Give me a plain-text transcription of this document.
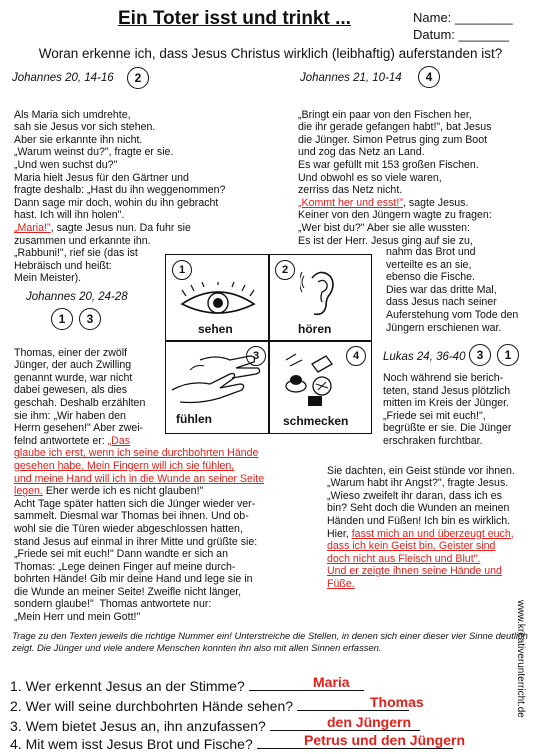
Ein Toter isst und trinkt ...	Name: ________
Datum: _______
Woran erkenne ich, dass Jesus Christus wirklich (leibhaftig) auferstanden ist?
Johannes 20, 14-16	2

Als Maria sich umdrehte,
sah sie Jesus vor sich stehen.
Aber sie erkannte ihn nicht.
„Warum weinst du?", fragte er sie.
„Und wen suchst du?"
Maria hielt Jesus für den Gärtner und
fragte deshalb: „Hast du ihn weggenommen?
Dann sage mir doch, wohin du ihn gebracht
hast. Ich will ihn holen".
„Maria!", sagte Jesus nun. Da fuhr sie
zusammen und erkannte ihn.
„Rabbuni!", rief sie (das ist
Hebräisch und heißt:
Mein Meister).

Johannes 21, 10-14	4

„Bringt ein paar von den Fischen her,
die ihr gerade gefangen habt!", bat Jesus
die Jünger. Simon Petrus ging zum Boot
und zog das Netz an Land.
Es war gefüllt mit 153 großen Fischen.
Und obwohl es so viele waren,
zerriss das Netz nicht.
„Kommt her und esst!", sagte Jesus.
Keiner von den Jüngern wagte zu fragen:
„Wer bist du?" Aber sie alle wussten:
Es ist der Herr. Jesus ging auf sie zu,

nahm das Brot und
verteilte es an sie,
ebenso die Fische.
Dies war das dritte Mal,
dass Jesus nach seiner
Auferstehung vom Tode den
Jüngern erschienen war.
1
sehen
2
hören
3
fühlen
4
schmecken
Johannes 20, 24-28
1	3

Thomas, einer der zwölf
Jünger, der auch Zwilling
genannt wurde, war nicht
dabei gewesen, als dies
geschah. Deshalb erzählten
sie ihm: „Wir haben den
Herrn gesehen!" Aber zwei-
felnd antwortete er: „Das
glaube ich erst, wenn ich seine durchbohrten Hände
gesehen habe. Mein Fingern will ich sie fühlen,
und meine Hand will ich in die Wunde an seiner Seite
legen. Eher werde ich es nicht glauben!"
Acht Tage später hatten sich die Jünger wieder ver-
sammelt. Diesmal war Thomas bei ihnen. Und ob-
wohl sie die Türen wieder abgeschlossen hatten,
stand Jesus auf einmal in ihrer Mitte und grüßte sie:
„Friede sei mit euch!" Dann wandte er sich an
Thomas: „Lege deinen Finger auf meine durch-
bohrten Hände! Gib mir deine Hand und lege sie in
die Wunde an meiner Seite! Zweifle nicht länger,
sondern glaube!"  Thomas antwortete nur:
„Mein Herr und mein Gott!"

Lukas 24, 36-40 3	1
Noch während sie berich-
teten, stand Jesus plötzlich
mitten im Kreis der Jünger.
„Friede sei mit euch!",
begrüßte er sie. Die Jünger
erschraken furchtbar.

Sie dachten, ein Geist stünde vor ihnen.
„Warum habt ihr Angst?", fragte Jesus.
„Wieso zweifelt ihr daran, dass ich es
bin? Seht doch die Wunden an meinen
Händen und Füßen! Ich bin es wirklich.
Hier, fasst mich an und überzeugt euch,
dass ich kein Geist bin. Geister sind
doch nicht aus Fleisch und Blut".
Und er zeigte ihnen seine Hände und
Füße.

www.kreativerunterricht.de
Trage zu den Texten jeweils die richtige Nummer ein! Unterstreiche die Stellen, in denen sich einer dieser vier Sinne deutlich zeigt. Die Jünger und viele andere Menschen konnten ihn also mit allen Sinnen erfassen.
1. Wer erkennt Jesus an der Stimme?	Maria
2. Wer will seine durchbohrten Hände sehen?	Thomas
3. Wem bietet Jesus an, ihn anzufassen?	den Jüngern
4. Mit wem isst Jesus Brot und Fische?	Petrus und den Jüngern
